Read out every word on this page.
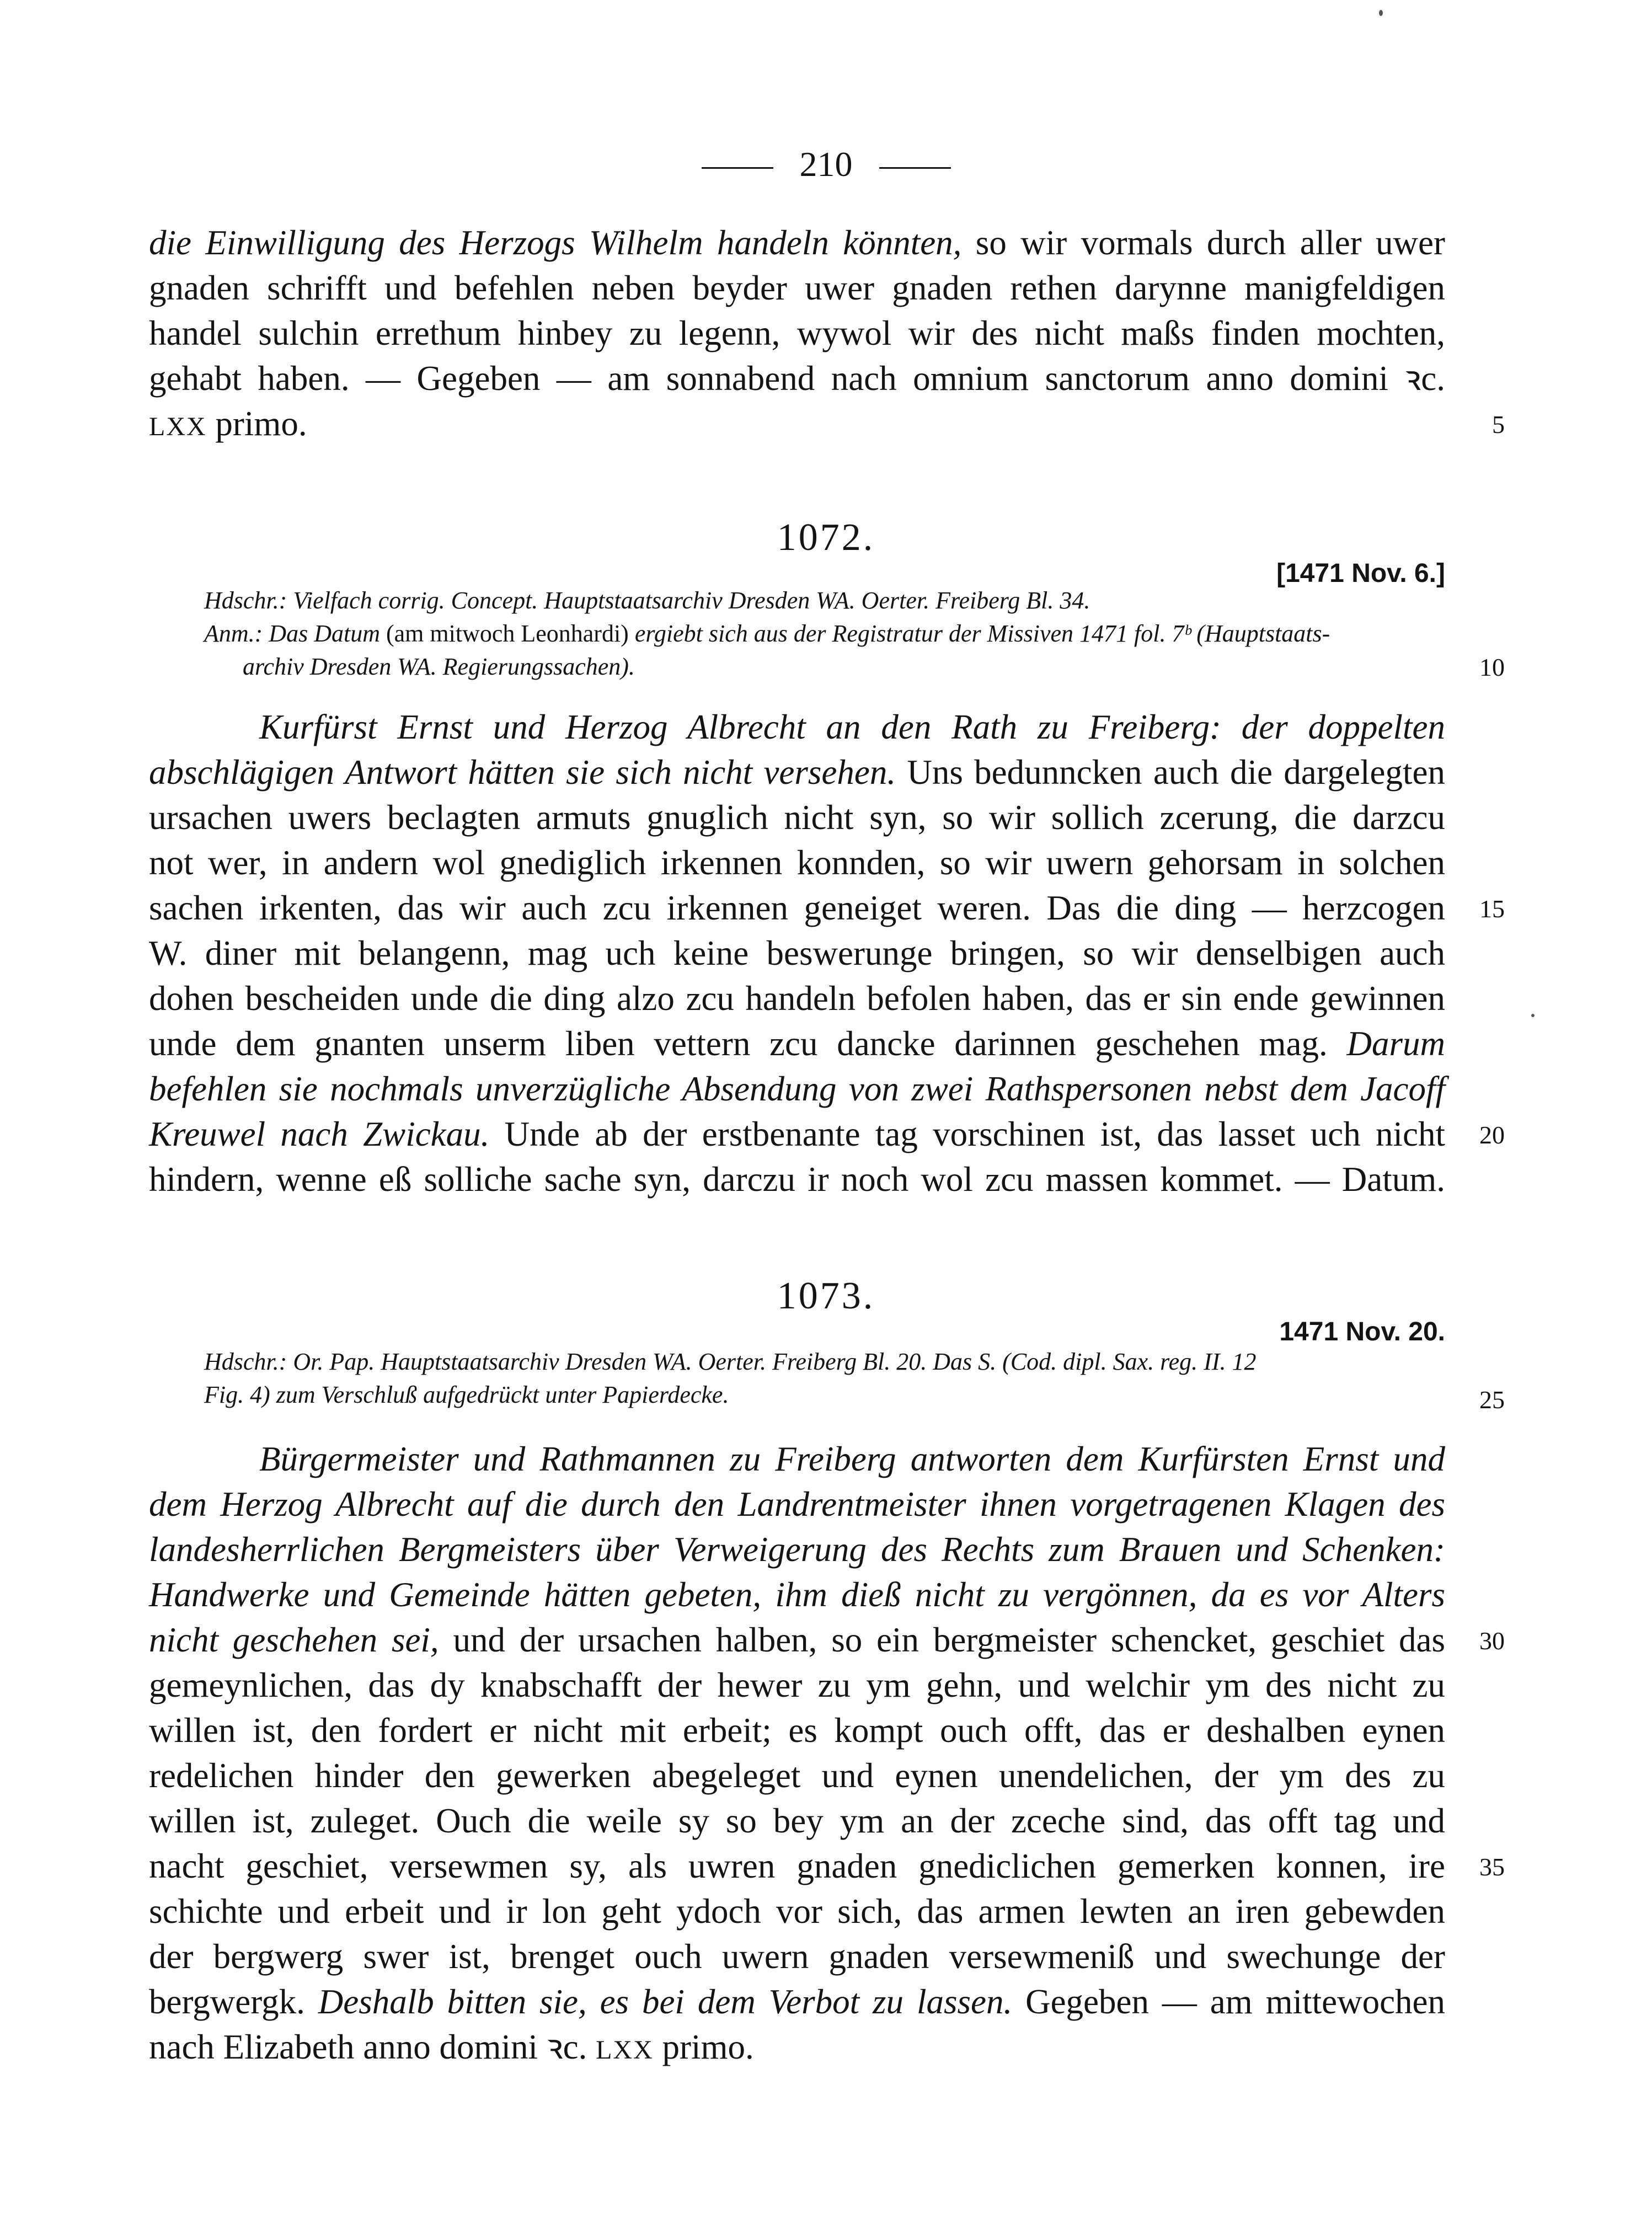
210
die Einwilligung des Herzogs Wilhelm handeln könnten, so wir vormals durch aller uwer
gnaden schrifft und befehlen neben beyder uwer gnaden rethen darynne manigfeldigen
handel sulchin errethum hinbey zu legenn, wywol wir des nicht maßs finden mochten,
gehabt haben. — Gegeben — am sonnabend nach omnium sanctorum anno domini ꝛc.
LXX primo.	5
1072.
[1471 Nov. 6.]
Hdschr.: Vielfach corrig. Concept. Hauptstaatsarchiv Dresden WA. Oerter. Freiberg Bl. 34.
Anm.: Das Datum (am mitwoch Leonhardi) ergiebt sich aus der Registratur der Missiven 1471 fol. 7ᵇ (Hauptstaats-
archiv Dresden WA. Regierungssachen).	10
Kurfürst Ernst und Herzog Albrecht an den Rath zu Freiberg: der doppelten
abschlägigen Antwort hätten sie sich nicht versehen. Uns bedunncken auch die dargelegten
ursachen uwers beclagten armuts gnuglich nicht syn, so wir sollich zcerung, die darzcu
not wer, in andern wol gnediglich irkennen konnden, so wir uwern gehorsam in solchen
sachen irkenten, das wir auch zcu irkennen geneiget weren. Das die ding — herzcogen	15
W. diner mit belangenn, mag uch keine beswerunge bringen, so wir denselbigen auch
dohen bescheiden unde die ding alzo zcu handeln befolen haben, das er sin ende gewinnen
unde dem gnanten unserm liben vettern zcu dancke darinnen geschehen mag. Darum
befehlen sie nochmals unverzügliche Absendung von zwei Rathspersonen nebst dem Jacoff
Kreuwel nach Zwickau. Unde ab der erstbenante tag vorschinen ist, das lasset uch nicht	20
hindern, wenne eß solliche sache syn, darczu ir noch wol zcu massen kommet. — Datum.
1073.
1471 Nov. 20.
Hdschr.: Or. Pap. Hauptstaatsarchiv Dresden WA. Oerter. Freiberg Bl. 20. Das S. (Cod. dipl. Sax. reg. II. 12
Fig. 4) zum Verschluß aufgedrückt unter Papierdecke.	25
Bürgermeister und Rathmannen zu Freiberg antworten dem Kurfürsten Ernst und
dem Herzog Albrecht auf die durch den Landrentmeister ihnen vorgetragenen Klagen des
landesherrlichen Bergmeisters über Verweigerung des Rechts zum Brauen und Schenken:
Handwerke und Gemeinde hätten gebeten, ihm dieß nicht zu vergönnen, da es vor Alters
nicht geschehen sei, und der ursachen halben, so ein bergmeister schencket, geschiet das	30
gemeynlichen, das dy knabschafft der hewer zu ym gehn, und welchir ym des nicht zu
willen ist, den fordert er nicht mit erbeit; es kompt ouch offt, das er deshalben eynen
redelichen hinder den gewerken abegeleget und eynen unendelichen, der ym des zu
willen ist, zuleget. Ouch die weile sy so bey ym an der zceche sind, das offt tag und
nacht geschiet, versewmen sy, als uwren gnaden gnediclichen gemerken konnen, ire	35
schichte und erbeit und ir lon geht ydoch vor sich, das armen lewten an iren gebewden
der bergwerg swer ist, brenget ouch uwern gnaden versewmeniß und swechunge der
bergwergk. Deshalb bitten sie, es bei dem Verbot zu lassen. Gegeben — am mittewochen
nach Elizabeth anno domini ꝛc. LXX primo.
